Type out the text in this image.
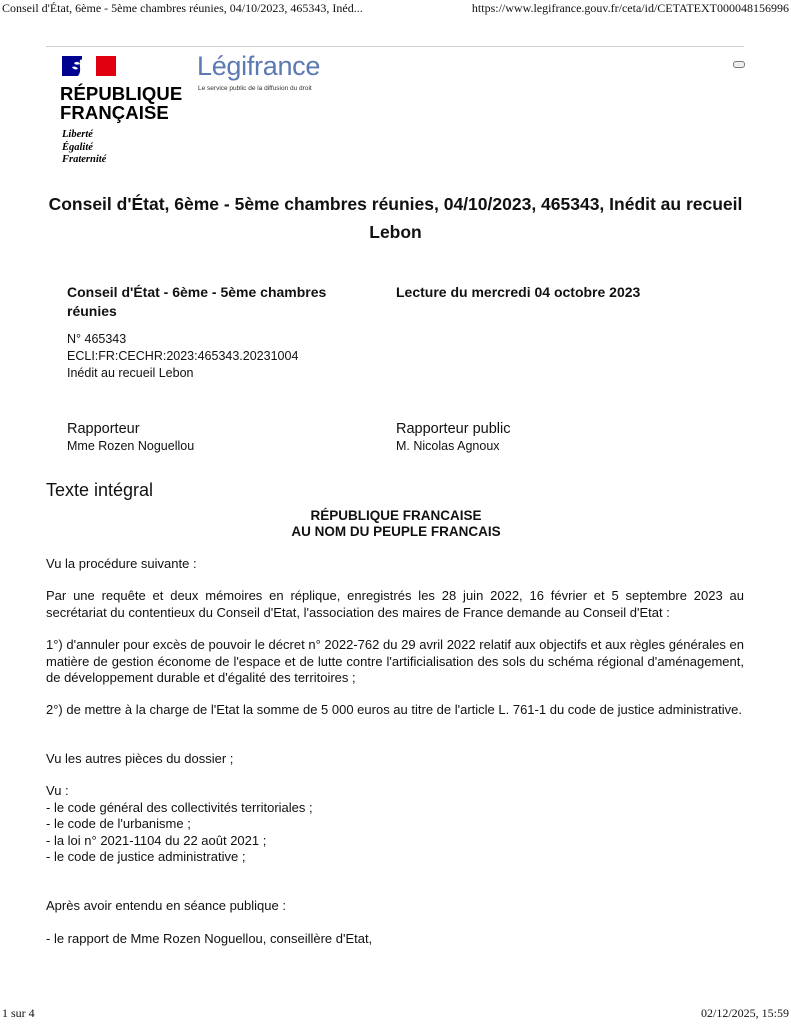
Conseil d'État, 6ème - 5ème chambres réunies, 04/10/2023, 465343, Inéd...	https://www.legifrance.gouv.fr/ceta/id/CETATEXT000048156996
RÉPUBLIQUE
FRANÇAISE
Liberté
Égalité
Fraternité
Légifrance
Le service public de la diffusion du droit
Conseil d'État, 6ème - 5ème chambres réunies, 04/10/2023, 465343, Inédit au recueil Lebon
Conseil d'État - 6ème - 5ème chambres réunies
Lecture du mercredi 04 octobre 2023
N° 465343
ECLI:FR:CECHR:2023:465343.20231004
Inédit au recueil Lebon
Rapporteur
Mme Rozen Noguellou
Rapporteur public
M. Nicolas Agnoux
Texte intégral
RÉPUBLIQUE FRANCAISE
AU NOM DU PEUPLE FRANCAIS

Vu la procédure suivante :

Par une requête et deux mémoires en réplique, enregistrés les 28 juin 2022, 16 février et 5 septembre 2023 au secrétariat du contentieux du Conseil d'Etat, l'association des maires de France demande au Conseil d'Etat :

1°) d'annuler pour excès de pouvoir le décret n° 2022-762 du 29 avril 2022 relatif aux objectifs et aux règles générales en matière de gestion économe de l'espace et de lutte contre l'artificialisation des sols du schéma régional d'aménagement, de développement durable et d'égalité des territoires ;

2°) de mettre à la charge de l'Etat la somme de 5 000 euros au titre de l'article L. 761-1 du code de justice administrative.

Vu les autres pièces du dossier ;

Vu :

- le code général des collectivités territoriales ;

- le code de l'urbanisme ;

- la loi n° 2021-1104 du 22 août 2021 ;

- le code de justice administrative ;

Après avoir entendu en séance publique :

- le rapport de Mme Rozen Noguellou, conseillère d'Etat,

1 sur 4	02/12/2025, 15:59
